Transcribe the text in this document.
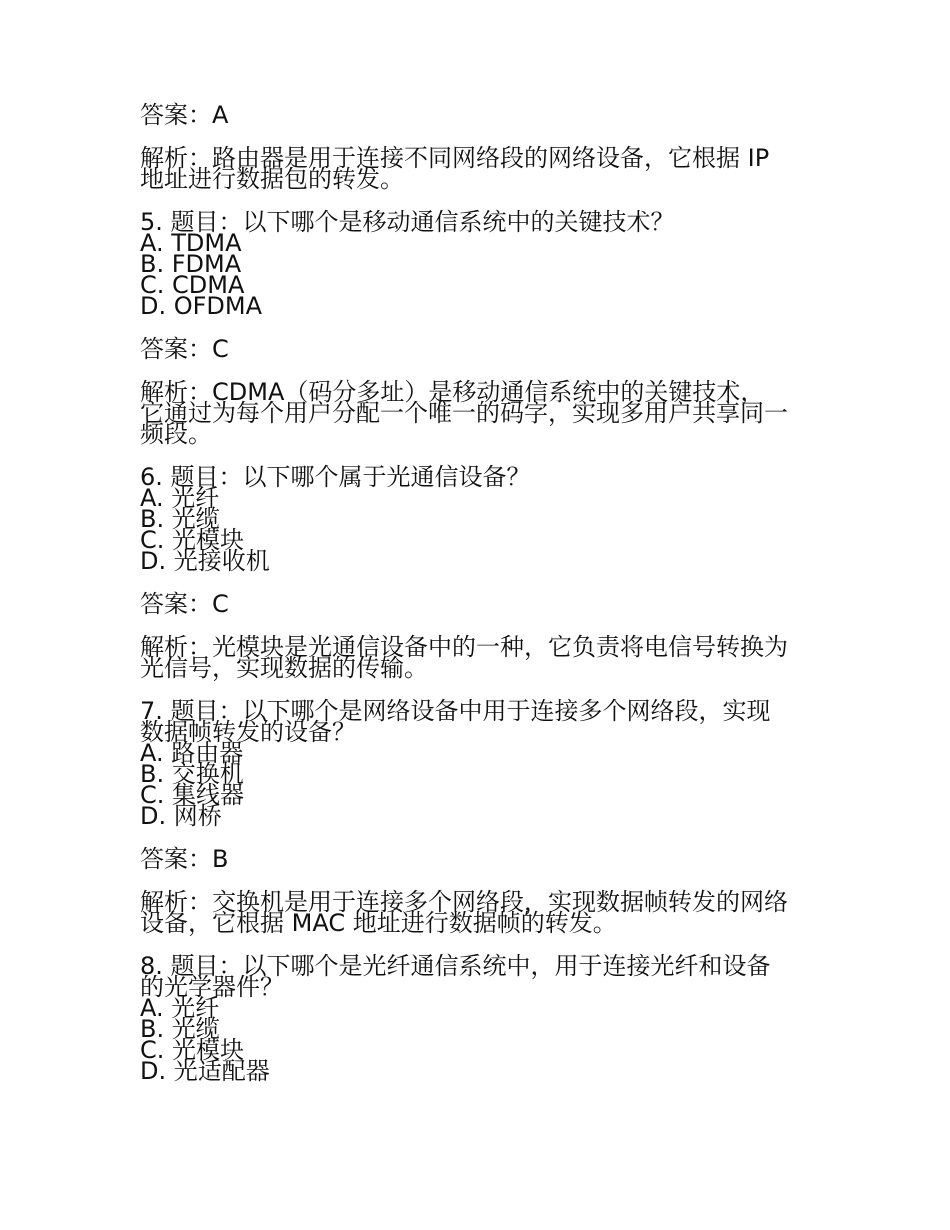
答案：A
解析：路由器是用于连接不同网络段的网络设备，它根据 IP
地址进行数据包的转发。
5. 题目：以下哪个是移动通信系统中的关键技术？
A. TDMA
B. FDMA
C. CDMA
D. OFDMA
答案：C
解析：CDMA（码分多址）是移动通信系统中的关键技术，
它通过为每个用户分配一个唯一的码字，实现多用户共享同一
频段。
6. 题目：以下哪个属于光通信设备？
A. 光纤
B. 光缆
C. 光模块
D. 光接收机
答案：C
解析：光模块是光通信设备中的一种，它负责将电信号转换为
光信号，实现数据的传输。
7. 题目：以下哪个是网络设备中用于连接多个网络段，实现
数据帧转发的设备？
A. 路由器
B. 交换机
C. 集线器
D. 网桥
答案：B
解析：交换机是用于连接多个网络段，实现数据帧转发的网络
设备，它根据 MAC 地址进行数据帧的转发。
8. 题目：以下哪个是光纤通信系统中，用于连接光纤和设备
的光学器件？
A. 光纤
B. 光缆
C. 光模块
D. 光适配器
